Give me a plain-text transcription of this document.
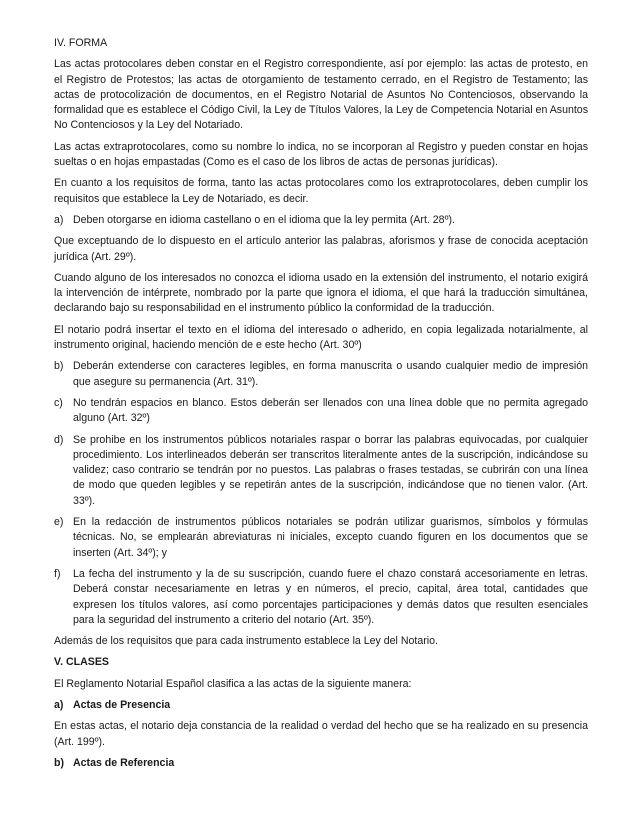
IV. FORMA

Las actas protocolares deben constar en el Registro correspondiente, así por ejemplo: las actas de protesto, en el Registro de Protestos; las actas de otorgamiento de testamento cerrado, en el Registro de Testamento; las actas de protocolización de documentos, en el Registro Notarial de Asuntos No Contenciosos, observando la formalidad que es establece el Código Civil, la Ley de Títulos Valores, la Ley de Competencia Notarial en Asuntos No Contenciosos y la Ley del Notariado.

Las actas extraprotocolares, como su nombre lo indica, no se incorporan al Registro y pueden constar en hojas sueltas o en hojas empastadas (Como es el caso de los libros de actas de personas jurídicas).

En cuanto a los requisitos de forma, tanto las actas protocolares como los extraprotocolares, deben cumplir los requisitos que establece la Ley de Notariado, es decir.

a) Deben otorgarse en idioma castellano o en el idioma que la ley permita (Art. 28º).

Que exceptuando de lo dispuesto en el artículo anterior las palabras, aforismos y frase de conocida aceptación jurídica (Art. 29º).

Cuando alguno de los interesados no conozca el idioma usado en la extensión del instrumento, el notario exigirá la intervención de intérprete, nombrado por la parte que ignora el idioma, el que hará la traducción simultánea, declarando bajo su responsabilidad en el instrumento público la conformidad de la traducción.

El notario podrá insertar el texto en el idioma del interesado o adherido, en copia legalizada notarialmente, al instrumento original, haciendo mención de e este hecho (Art. 30º)

b) Deberán extenderse con caracteres legibles, en forma manuscrita o usando cualquier medio de impresión que asegure su permanencia (Art. 31º).
c) No tendrán espacios en blanco. Estos deberán ser llenados con una línea doble que no permita agregado alguno (Art. 32º)
d) Se prohibe en los instrumentos públicos notariales raspar o borrar las palabras equivocadas, por cualquier procedimiento. Los interlineados deberán ser transcritos literalmente antes de la suscripción, indicándose su validez; caso contrario se tendrán por no puestos. Las palabras o frases testadas, se cubrirán con una línea de modo que queden legibles y se repetirán antes de la suscripción, indicándose que no tienen valor. (Art. 33º).
e) En la redacción de instrumentos públicos notariales se podrán utilizar guarismos, símbolos y fórmulas técnicas. No, se emplearán abreviaturas ni iniciales, excepto cuando figuren en los documentos que se inserten (Art. 34º); y
f)	La fecha del instrumento y la de su suscripción, cuando fuere el chazo constará accesoriamente en letras. Deberá constar necesariamente en letras y en números, el precio, capital, área total, cantidades que expresen los títulos valores, así como porcentajes participaciones y demás datos que resulten esenciales para la seguridad del instrumento a criterio del notario (Art. 35º).

Además de los requisitos que para cada instrumento establece la Ley del Notario.

V. CLASES

El Reglamento Notarial Español clasifica a las actas de la siguiente manera:

a) Actas de Presencia

En estas actas, el notario deja constancia de la realidad o verdad del hecho que se ha realizado en su presencia (Art. 199º).

b) Actas de Referencia
